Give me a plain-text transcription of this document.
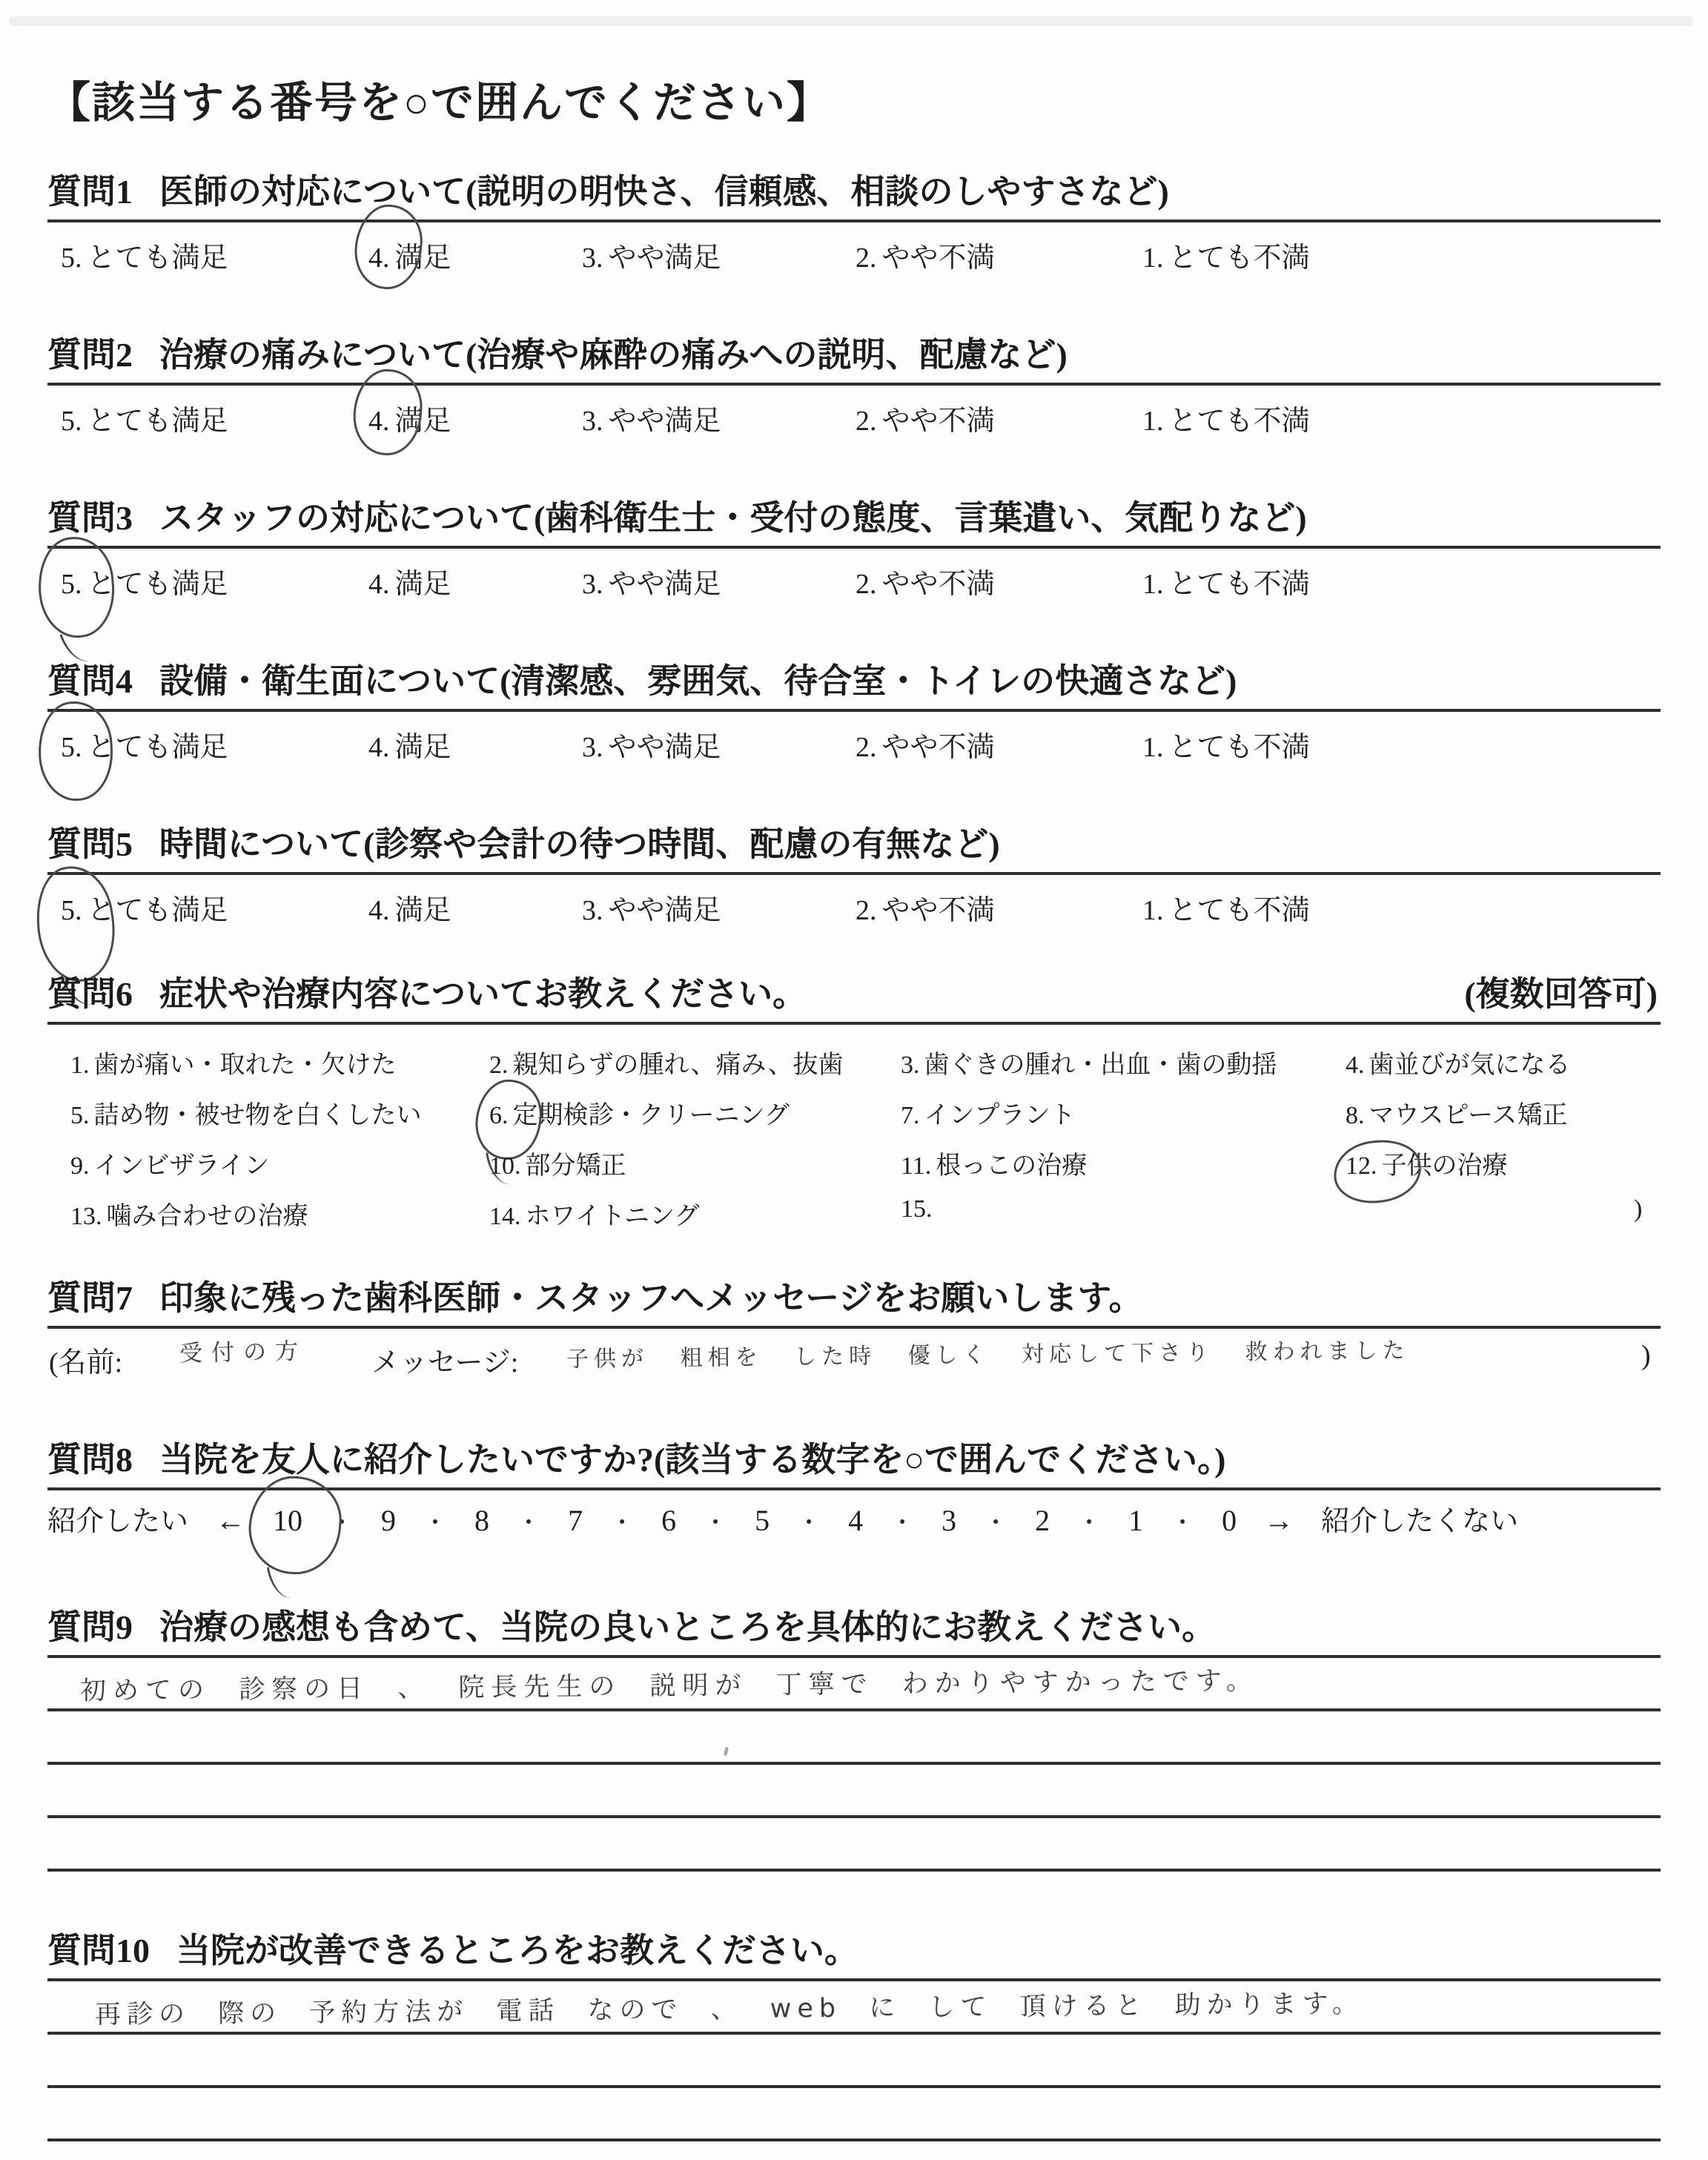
【該当する番号を○で囲んでください】
質問1 医師の対応について(説明の明快さ、信頼感、相談のしやすさなど)
5. とても満足	4. 満足	3. やや満足	2. やや不満	1. とても不満
質問2 治療の痛みについて(治療や麻酔の痛みへの説明、配慮など)
5. とても満足	4. 満足	3. やや満足	2. やや不満	1. とても不満
質問3 スタッフの対応について(歯科衛生士・受付の態度、言葉遣い、気配りなど)
5. とても満足	4. 満足	3. やや満足	2. やや不満	1. とても不満
質問4 設備・衛生面について(清潔感、雰囲気、待合室・トイレの快適さなど)
5. とても満足	4. 満足	3. やや満足	2. やや不満	1. とても不満
質問5 時間について(診察や会計の待つ時間、配慮の有無など)
5. とても満足	4. 満足	3. やや満足	2. やや不満	1. とても不満
質問6 症状や治療内容についてお教えください。	(複数回答可)
1. 歯が痛い・取れた・欠けた	2. 親知らずの腫れ、痛み、抜歯 3. 歯ぐきの腫れ・出血・歯の動揺	4. 歯並びが気になる
5. 詰め物・被せ物を白くしたい	6. 定期検診・クリーニング	7. インプラント	8. マウスピース矯正
9. インビザライン	10. 部分矯正	11. 根っこの治療	12. 子供の治療
13. 噛み合わせの治療	14. ホワイトニング	15.	)
質問7 印象に残った歯科医師・スタッフへメッセージをお願いします。
(名前: 受付の方 メッセージ: 子供が 粗相を した時 優しく 対応して下さり 救われました	)
質問8 当院を友人に紹介したいですか?(該当する数字を○で囲んでください。)
紹介したい ← 10 ・ 9 ・ 8 ・ 7 ・ 6 ・ 5 ・ 4 ・ 3 ・ 2 ・ 1 ・ 0 → 紹介したくない
質問9 治療の感想も含めて、当院の良いところを具体的にお教えください。
初めての 診察の日 、 院長先生の 説明が 丁寧で わかりやすかったです。
質問10 当院が改善できるところをお教えください。
再診の 際の 予約方法が 電話 なので 、 web に して 頂けると 助かります。
